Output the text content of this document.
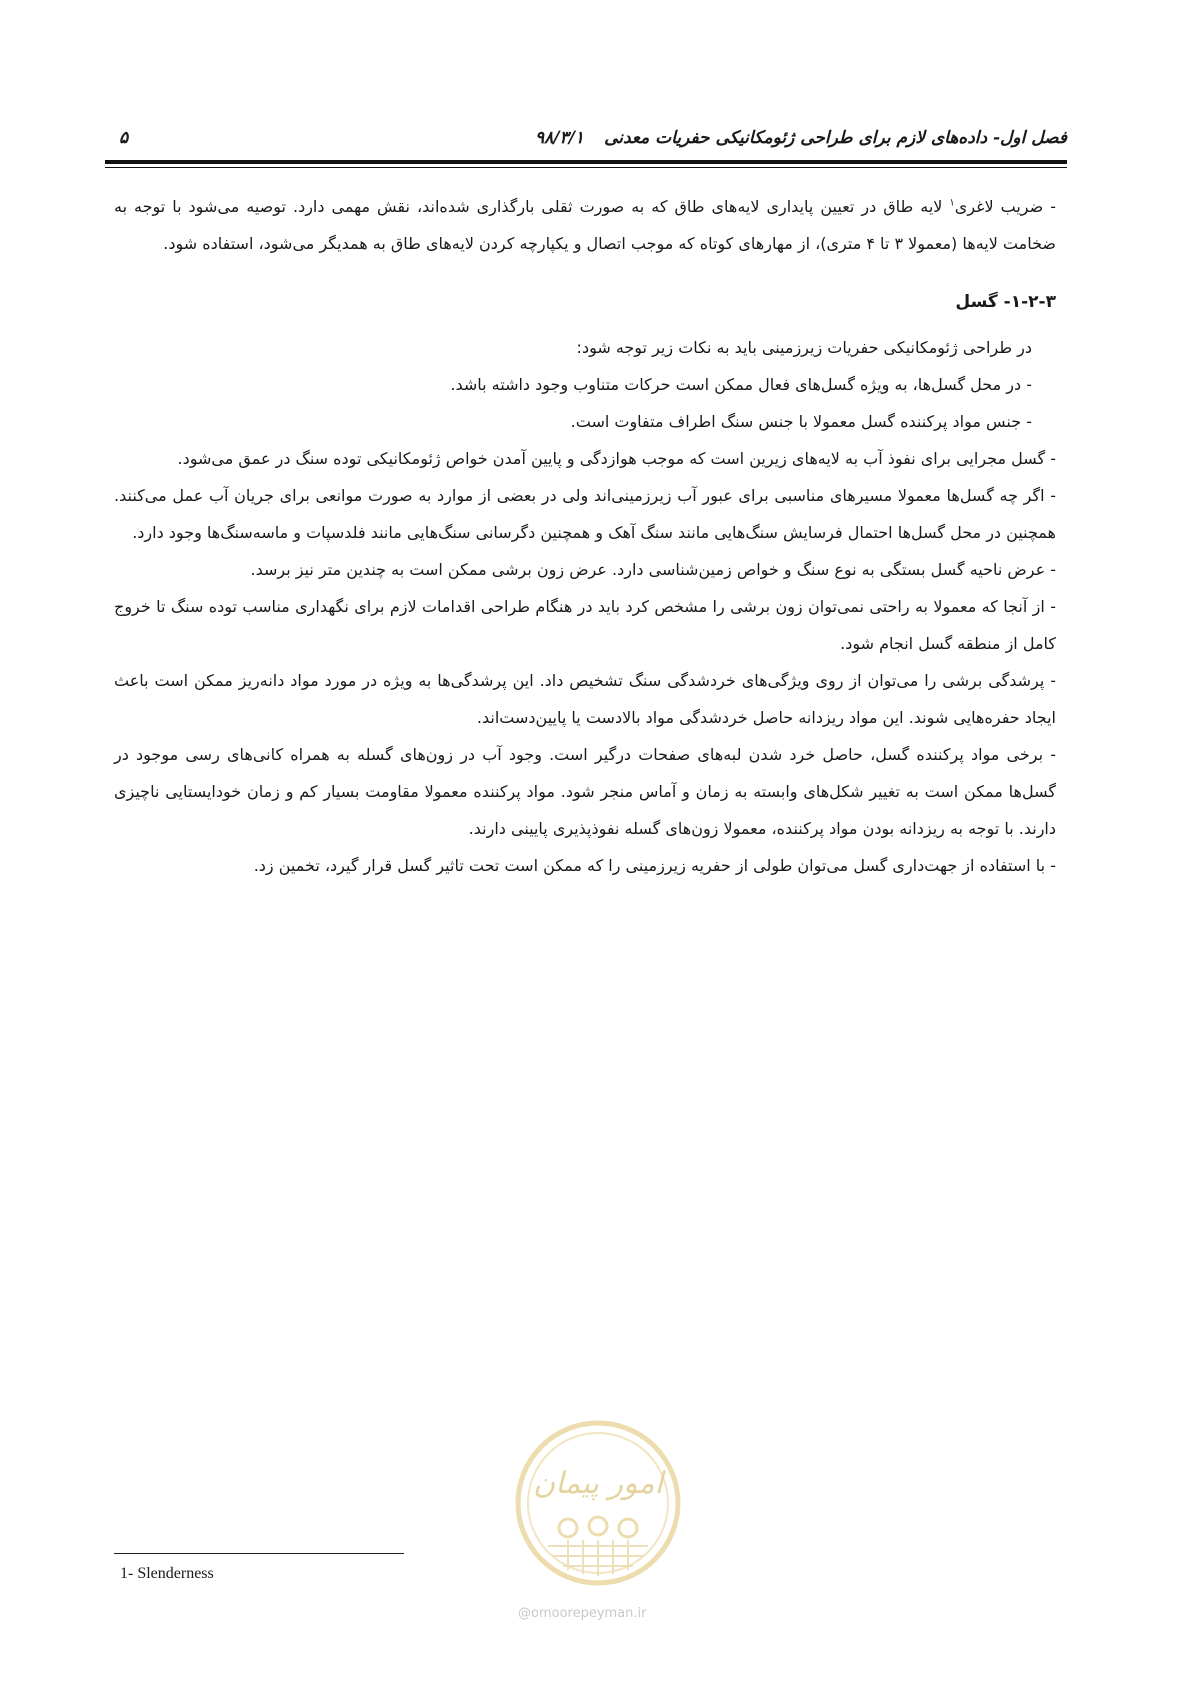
۵	۹۸/۳/۱ فصل اول- داده‌های لازم برای طراحی ژئومکانیکی حفریات معدنی

- ضریب لاغری$^۱$ لایه طاق در تعیین پایداری لایه‌های طاق که به صورت ثقلی بارگذاری شده‌اند، نقش مهمی دارد. توصیه می‌شود با توجه به ضخامت لایه‌ها (معمولا ۳ تا ۴ متری)، از مهارهای کوتاه که موجب اتصال و یکپارچه کردن لایه‌های طاق به همدیگر می‌شود، استفاده شود.

۱-۲-۳- گسل

در طراحی ژئومکانیکی حفریات زیرزمینی باید به نکات زیر توجه شود:

- در محل گسل‌ها، به ویژه گسل‌های فعال ممکن است حرکات متناوب وجود داشته باشد.

- جنس مواد پرکننده گسل معمولا با جنس سنگ اطراف متفاوت است.

- گسل مجرایی برای نفوذ آب به لایه‌های زیرین است که موجب هوازدگی و پایین آمدن خواص ژئومکانیکی توده سنگ در عمق می‌شود.

- اگر چه گسل‌ها معمولا مسیرهای مناسبی برای عبور آب زیرزمینی‌اند ولی در بعضی از موارد به صورت موانعی برای جریان آب عمل می‌کنند. همچنین در محل گسل‌ها احتمال فرسایش سنگ‌هایی مانند سنگ آهک و همچنین دگرسانی سنگ‌هایی مانند فلدسپات و ماسه‌سنگ‌ها وجود دارد.

- عرض ناحیه گسل بستگی به نوع سنگ و خواص زمین‌شناسی دارد. عرض زون برشی ممکن است به چندین متر نیز برسد.

- از آنجا که معمولا به راحتی نمی‌توان زون برشی را مشخص کرد باید در هنگام طراحی اقدامات لازم برای نگهداری مناسب توده سنگ تا خروج کامل از منطقه گسل انجام شود.

- پرشدگی برشی را می‌توان از روی ویژگی‌های خردشدگی سنگ تشخیص داد. این پرشدگی‌ها به ویژه در مورد مواد دانه‌ریز ممکن است باعث ایجاد حفره‌هایی شوند. این مواد ریزدانه حاصل خردشدگی مواد بالادست یا پایین‌دست‌اند.

- برخی مواد پرکننده گسل، حاصل خرد شدن لبه‌های صفحات درگیر است. وجود آب در زون‌های گسله به همراه کانی‌های رسی موجود در گسل‌ها ممکن است به تغییر شکل‌های وابسته به زمان و آماس منجر شود. مواد پرکننده معمولا مقاومت بسیار کم و زمان خودایستایی ناچیزی دارند. با توجه به ریزدانه بودن مواد پرکننده، معمولا زون‌های گسله نفوذپذیری پایینی دارند.

- با استفاده از جهت‌داری گسل می‌توان طولی از حفریه زیرزمینی را که ممکن است تحت تاثیر گسل قرار گیرد، تخمین زد.

امور پیمان
@omoorepeyman.ir
1- Slenderness
